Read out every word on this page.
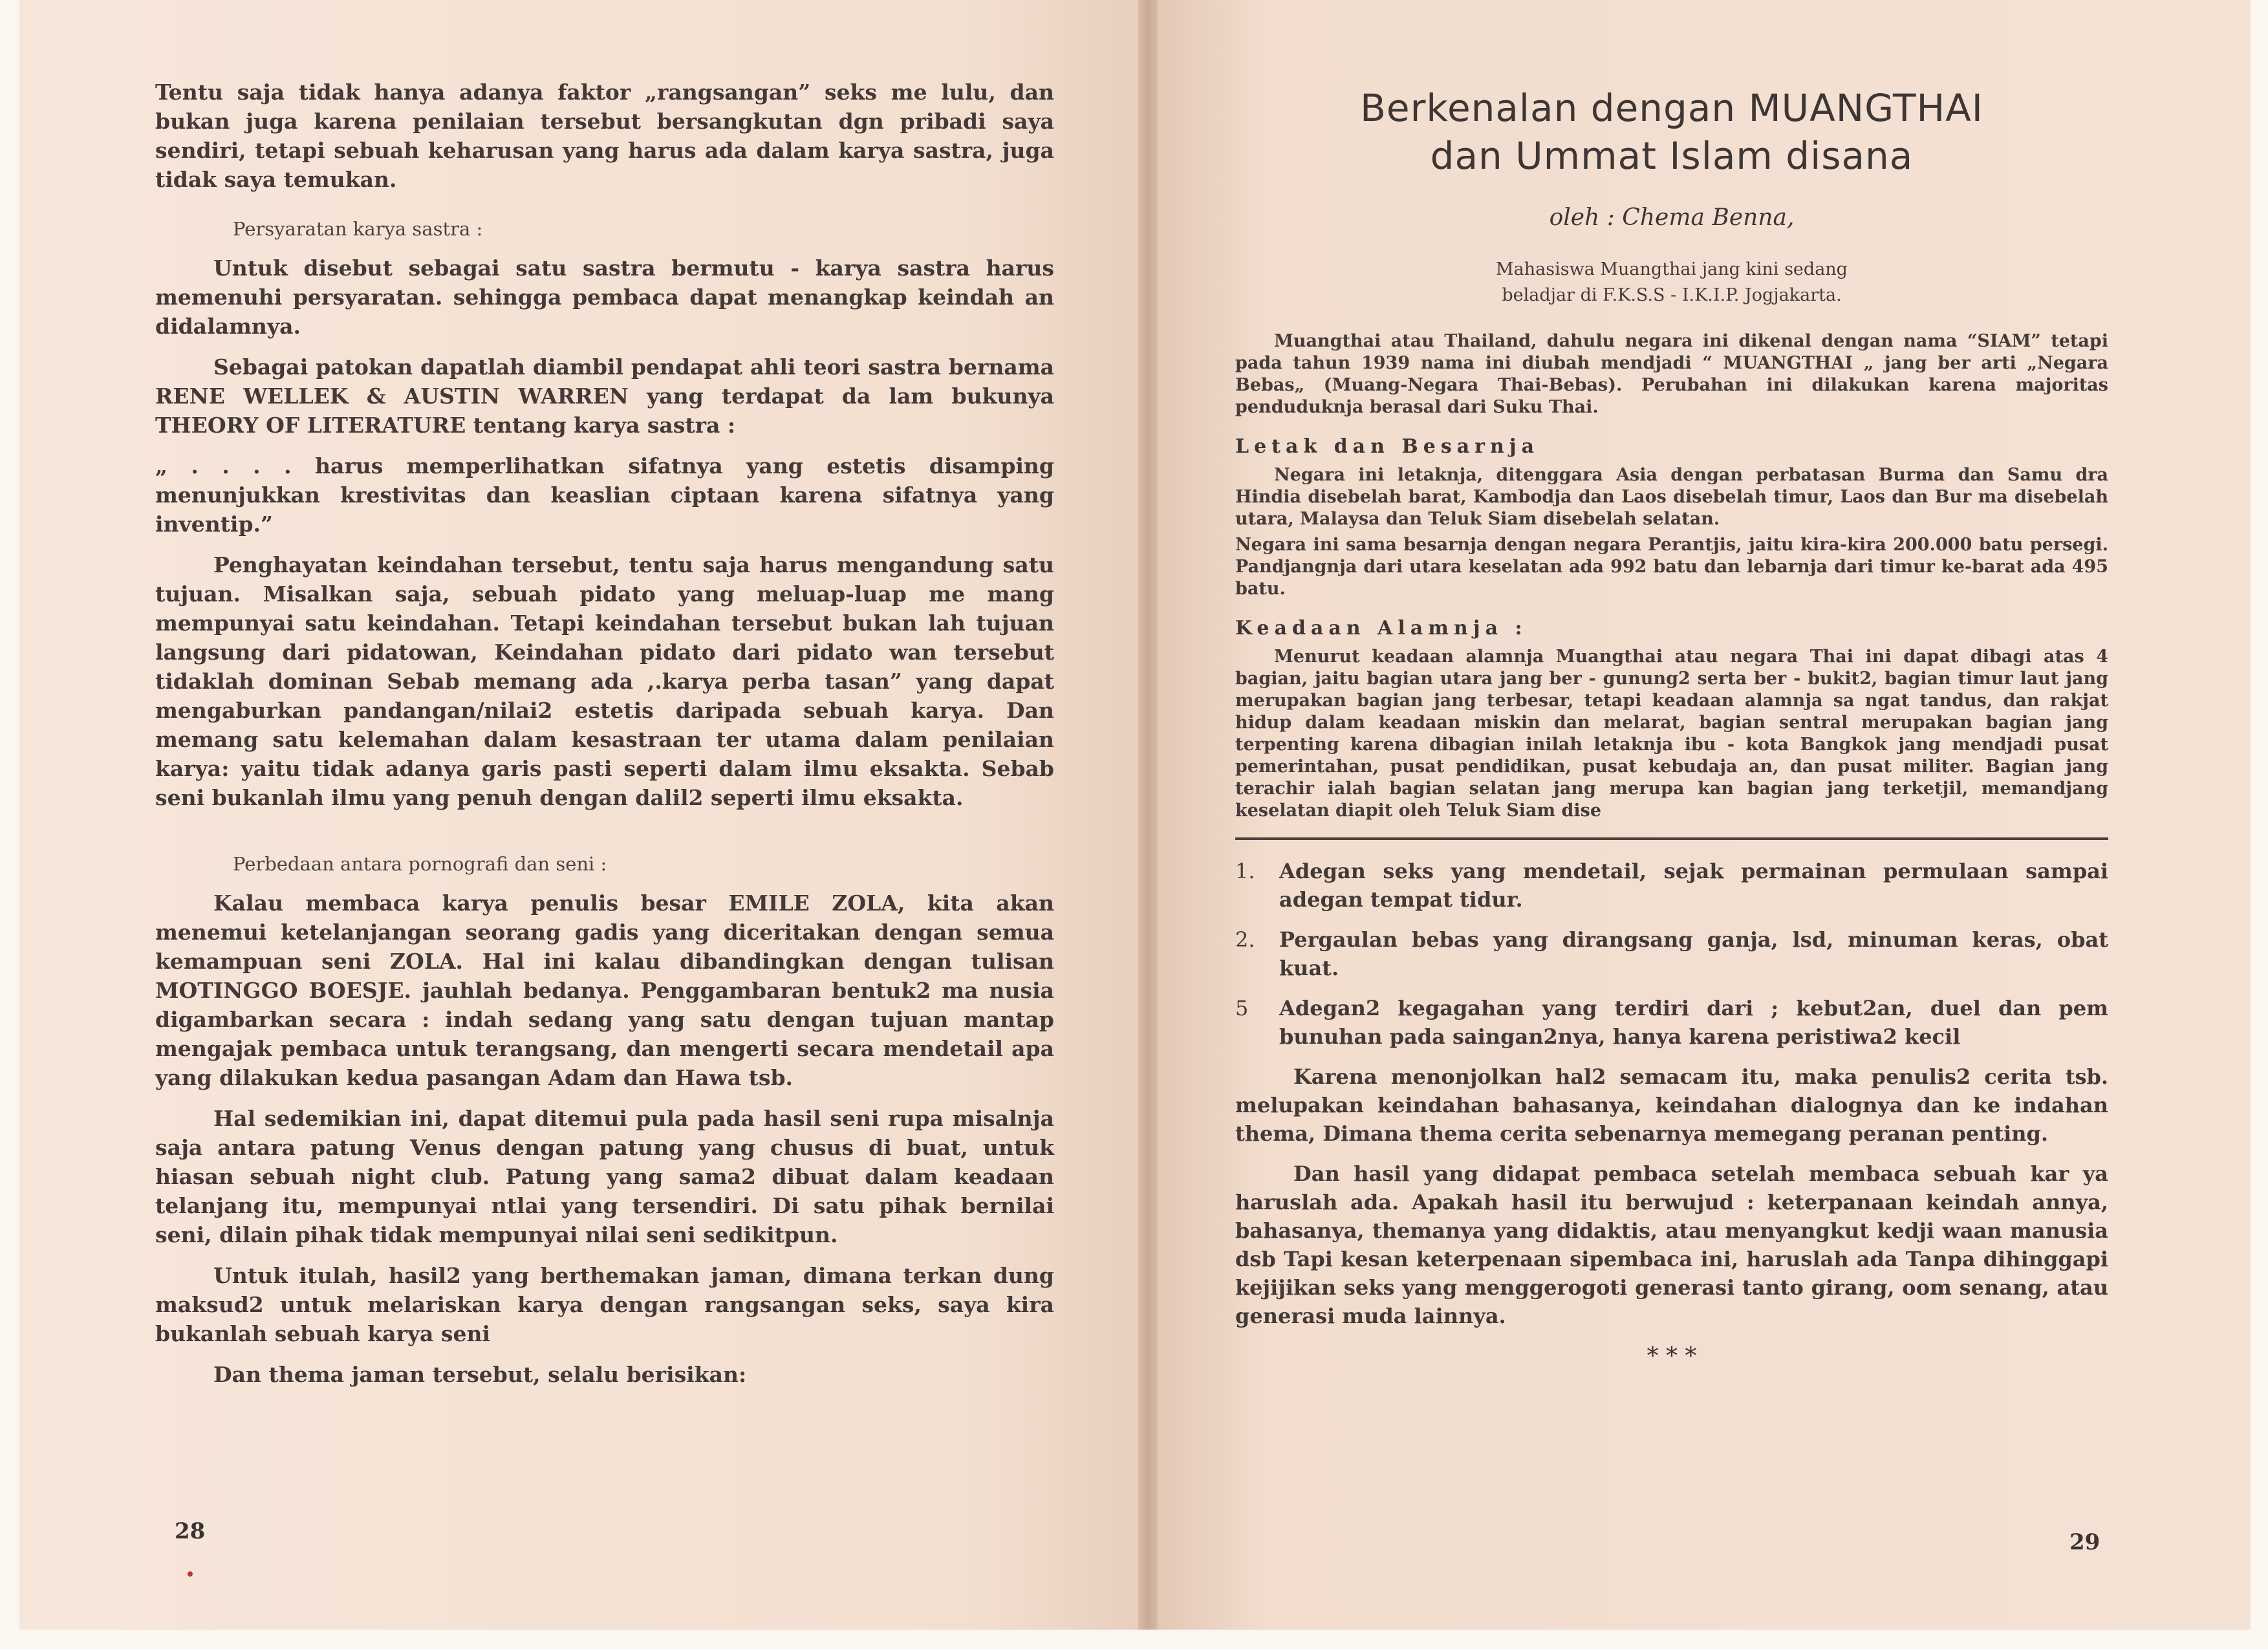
Tentu saja tidak hanya adanya faktor „rangsangan” seks me lulu, dan bukan juga karena penilaian tersebut bersangkutan dgn pribadi saya sendiri, tetapi sebuah keharusan yang harus ada dalam karya sastra, juga tidak saya temukan.

Persyaratan karya sastra :

Untuk disebut sebagai satu sastra bermutu - karya sastra harus memenuhi persyaratan. sehingga pembaca dapat menangkap keindah an didalamnya.

Sebagai patokan dapatlah diambil pendapat ahli teori sastra bernama RENE WELLEK & AUSTIN WARREN yang terdapat da lam bukunya THEORY OF LITERATURE tentang karya sastra :

„ . . . . harus memperlihatkan sifatnya yang estetis disamping menunjukkan krestivitas dan keaslian ciptaan karena sifatnya yang inventip.”

Penghayatan keindahan tersebut, tentu saja harus mengandung satu tujuan. Misalkan saja, sebuah pidato yang meluap-luap me mang mempunyai satu keindahan. Tetapi keindahan tersebut bukan lah tujuan langsung dari pidatowan, Keindahan pidato dari pidato wan tersebut tidaklah dominan Sebab memang ada ,.karya perba tasan” yang dapat mengaburkan pandangan/nilai2 estetis daripada sebuah karya. Dan memang satu kelemahan dalam kesastraan ter utama dalam penilaian karya: yaitu tidak adanya garis pasti seperti dalam ilmu eksakta. Sebab seni bukanlah ilmu yang penuh dengan dalil2 seperti ilmu eksakta.

Perbedaan antara pornografi dan seni :

Kalau membaca karya penulis besar EMILE ZOLA, kita akan menemui ketelanjangan seorang gadis yang diceritakan dengan semua kemampuan seni ZOLA. Hal ini kalau dibandingkan dengan tulisan MOTINGGO BOESJE. jauhlah bedanya. Penggambaran bentuk2 ma nusia digambarkan secara : indah sedang yang satu dengan tujuan mantap mengajak pembaca untuk terangsang, dan mengerti secara mendetail apa yang dilakukan kedua pasangan Adam dan Hawa tsb.

Hal sedemikian ini, dapat ditemui pula pada hasil seni rupa misalnja saja antara patung Venus dengan patung yang chusus di buat, untuk hiasan sebuah night club. Patung yang sama2 dibuat dalam keadaan telanjang itu, mempunyai ntlai yang tersendiri. Di satu pihak bernilai seni, dilain pihak tidak mempunyai nilai seni sedikitpun.

Untuk itulah, hasil2 yang berthemakan jaman, dimana terkan dung maksud2 untuk melariskan karya dengan rangsangan seks, saya kira bukanlah sebuah karya seni

Dan thema jaman tersebut, selalu berisikan:

28
Berkenalan dengan MUANGTHAI
dan Ummat Islam disana
oleh : Chema Benna,
Mahasiswa Muangthai jang kini sedang
beladjar di F.K.S.S - I.K.I.P. Jogjakarta.

Muangthai atau Thailand, dahulu negara ini dikenal dengan nama “SIAM” tetapi pada tahun 1939 nama ini diubah mendjadi “ MUANGTHAI „ jang ber arti „Negara Bebas„ (Muang-Negara Thai-Bebas). Perubahan ini dilakukan karena majoritas penduduknja berasal dari Suku Thai.

Letak dan Besarnja

Negara ini letaknja, ditenggara Asia dengan perbatasan Burma dan Samu dra Hindia disebelah barat, Kambodja dan Laos disebelah timur, Laos dan Bur ma disebelah utara, Malaysa dan Teluk Siam disebelah selatan.

Negara ini sama besarnja dengan negara Perantjis, jaitu kira-kira 200.000 batu persegi. Pandjangnja dari utara keselatan ada 992 batu dan lebarnja dari timur ke-barat ada 495 batu.

Keadaan Alamnja :

Menurut keadaan alamnja Muangthai atau negara Thai ini dapat dibagi atas 4 bagian, jaitu bagian utara jang ber - gunung2 serta ber - bukit2, bagian timur laut jang merupakan bagian jang terbesar, tetapi keadaan alamnja sa ngat tandus, dan rakjat hidup dalam keadaan miskin dan melarat, bagian sentral merupakan bagian jang terpenting karena dibagian inilah letaknja ibu - kota Bangkok jang mendjadi pusat pemerintahan, pusat pendidikan, pusat kebudaja an, dan pusat militer. Bagian jang terachir ialah bagian selatan jang merupa kan bagian jang terketjil, memandjang keselatan diapit oleh Teluk Siam dise

1.	Adegan seks yang mendetail, sejak permainan permulaan sampai adegan tempat tidur.
2.	Pergaulan bebas yang dirangsang ganja, lsd, minuman keras, obat kuat.
5	Adegan2 kegagahan yang terdiri dari ; kebut2an, duel dan pem bunuhan pada saingan2nya, hanya karena peristiwa2 kecil

Karena menonjolkan hal2 semacam itu, maka penulis2 cerita tsb. melupakan keindahan bahasanya, keindahan dialognya dan ke indahan thema, Dimana thema cerita sebenarnya memegang peranan penting.

Dan hasil yang didapat pembaca setelah membaca sebuah kar ya haruslah ada. Apakah hasil itu berwujud : keterpanaan keindah annya, bahasanya, themanya yang didaktis, atau menyangkut kedji waan manusia dsb Tapi kesan keterpenaan sipembaca ini, haruslah ada Tanpa dihinggapi kejijikan seks yang menggerogoti generasi tanto girang, oom senang, atau generasi muda lainnya.

* * *
29
